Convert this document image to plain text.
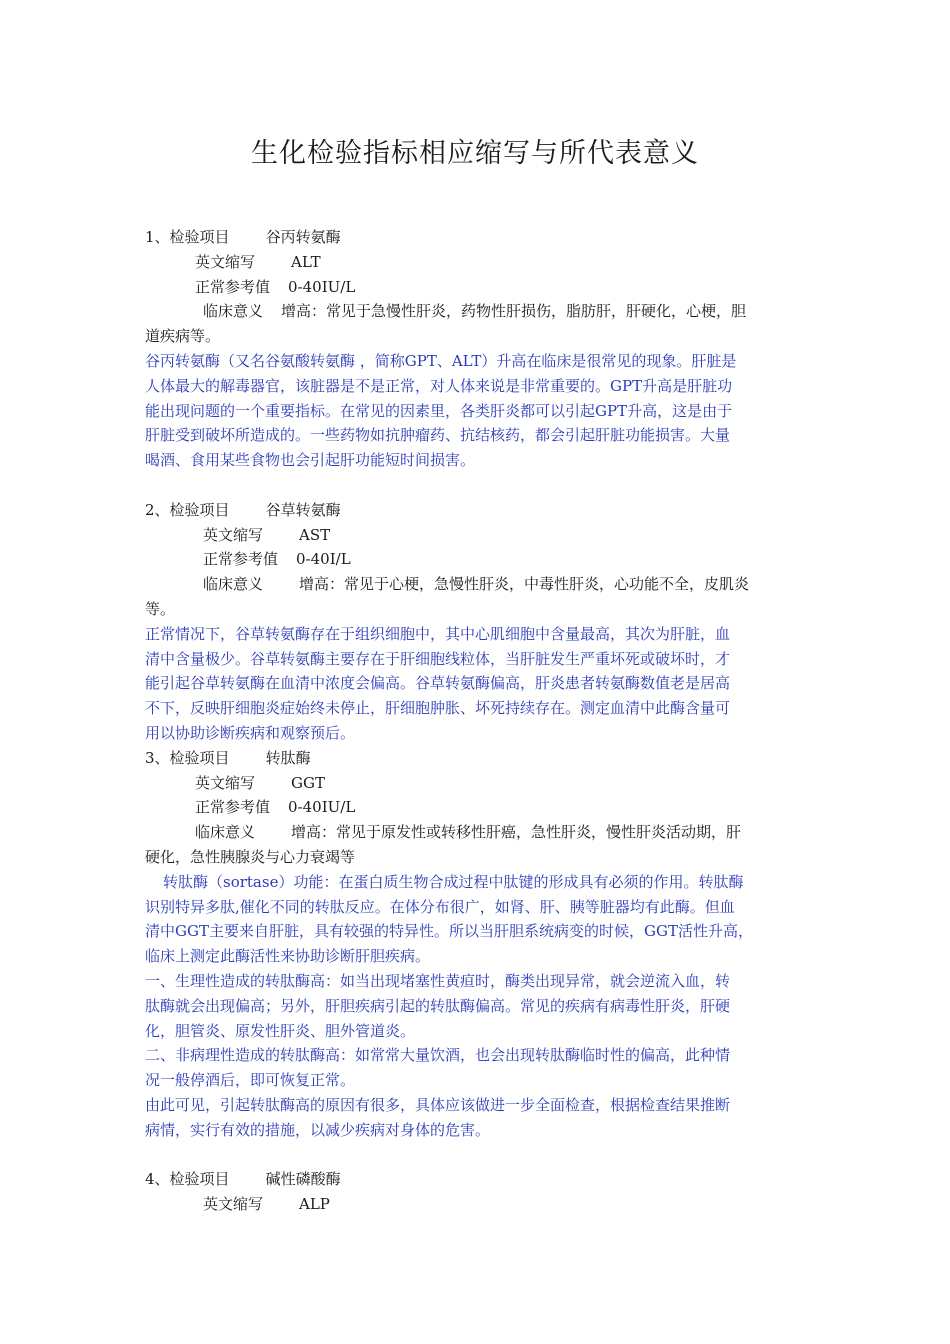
生化检验指标相应缩写与所代表意义
1、检验项目 谷丙转氨酶
英文缩写 ALT
正常参考值 0-40IU/L
临床意义 增高：常见于急慢性肝炎，药物性肝损伤，脂肪肝，肝硬化，心梗，胆
道疾病等。
谷丙转氨酶（又名谷氨酸转氨酶 ，简称GPT、ALT）升高在临床是很常见的现象。肝脏是
人体最大的解毒器官，该脏器是不是正常，对人体来说是非常重要的。GPT升高是肝脏功
能出现问题的一个重要指标。在常见的因素里，各类肝炎都可以引起GPT升高，这是由于
肝脏受到破坏所造成的。一些药物如抗肿瘤药、抗结核药，都会引起肝脏功能损害。大量
喝酒、食用某些食物也会引起肝功能短时间损害。
2、检验项目 谷草转氨酶
英文缩写 AST
正常参考值 0-40I/L
临床意义 增高：常见于心梗，急慢性肝炎，中毒性肝炎，心功能不全，皮肌炎
等。
正常情况下，谷草转氨酶存在于组织细胞中，其中心肌细胞中含量最高，其次为肝脏，血
清中含量极少。谷草转氨酶主要存在于肝细胞线粒体，当肝脏发生严重坏死或破坏时，才
能引起谷草转氨酶在血清中浓度会偏高。谷草转氨酶偏高，肝炎患者转氨酶数值老是居高
不下，反映肝细胞炎症始终未停止，肝细胞肿胀、坏死持续存在。测定血清中此酶含量可
用以协助诊断疾病和观察预后。
3、检验项目 转肽酶
英文缩写 GGT
正常参考值 0-40IU/L
临床意义 增高：常见于原发性或转移性肝癌，急性肝炎，慢性肝炎活动期，肝
硬化，急性胰腺炎与心力衰竭等
转肽酶（sortase）功能：在蛋白质生物合成过程中肽键的形成具有必须的作用。转肽酶
识别特异多肽,催化不同的转肽反应。在体分布很广，如肾、肝、胰等脏器均有此酶。但血
清中GGT主要来自肝脏，具有较强的特异性。所以当肝胆系统病变的时候，GGT活性升高，
临床上测定此酶活性来协助诊断肝胆疾病。
一、生理性造成的转肽酶高：如当出现堵塞性黄疸时，酶类出现异常，就会逆流入血，转
肽酶就会出现偏高；另外，肝胆疾病引起的转肽酶偏高。常见的疾病有病毒性肝炎，肝硬
化，胆管炎、原发性肝炎、胆外管道炎。
二、非病理性造成的转肽酶高：如常常大量饮酒，也会出现转肽酶临时性的偏高，此种情
况一般停酒后，即可恢复正常。
由此可见，引起转肽酶高的原因有很多，具体应该做进一步全面检查，根据检查结果推断
病情，实行有效的措施，以减少疾病对身体的危害。
4、检验项目 碱性磷酸酶
英文缩写 ALP
